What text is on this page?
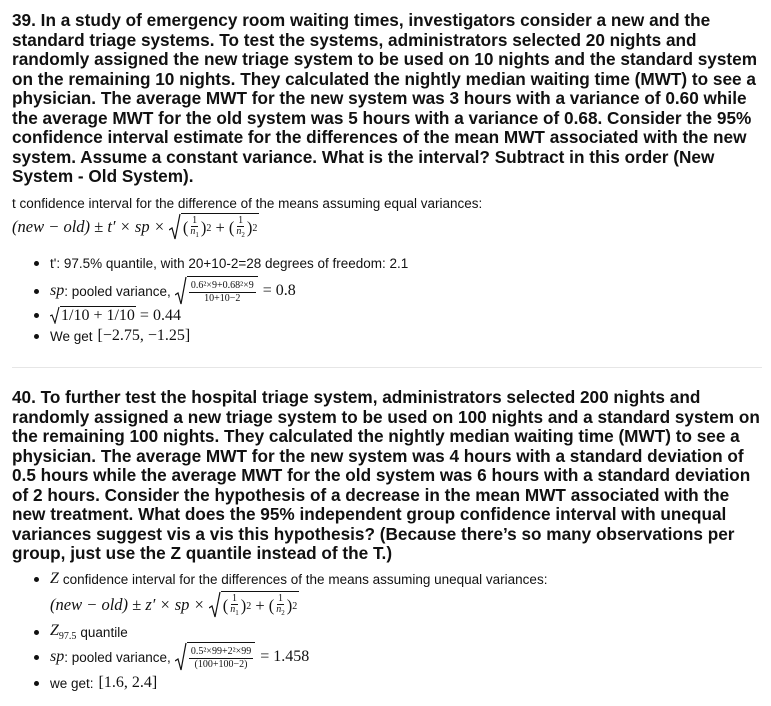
39. In a study of emergency room waiting times, investigators consider a new and the standard triage systems. To test the systems, administrators selected 20 nights and randomly assigned the new triage system to be used on 10 nights and the standard system on the remaining 10 nights. They calculated the nightly median waiting time (MWT) to see a physician. The average MWT for the new system was 3 hours with a variance of 0.60 while the average MWT for the old system was 5 hours with a variance of 0.68. Consider the 95% confidence interval estimate for the differences of the mean MWT associated with the new system. Assume a constant variance. What is the interval? Subtract in this order (New System - Old System).
t confidence interval for the difference of the means assuming equal variances:
(new − old) ± t′ × sp × ( $\frac{1}{n_1}$ ) 2 + ( $\frac{1}{n_2}$ ) 2
t': 97.5% quantile, with 20+10-2=28 degrees of freedom: 2.1
sp : pooled variance, $\frac{\text{0.6²×9+0.68²×9}}{10+10-2} = 0.8$
1/10 + 1/10 = 0.44
We get [−2.75, −1.25]
40. To further test the hospital triage system, administrators selected 200 nights and randomly assigned a new triage system to be used on 100 nights and a standard system on the remaining 100 nights. They calculated the nightly median waiting time (MWT) to see a physician. The average MWT for the new system was 4 hours with a standard deviation of 0.5 hours while the average MWT for the old system was 6 hours with a standard deviation of 2 hours. Consider the hypothesis of a decrease in the mean MWT associated with the new treatment. What does the 95% independent group confidence interval with unequal variances suggest vis a vis this hypothesis? (Because there’s so many observations per group, just use the Z quantile instead of the T.)
Z confidence interval for the differences of the means assuming unequal variances:
(new − old) ± z′ × sp × ( $\frac{1}{n_1}$ ) 2 + ( $\frac{1}{n_2}$ ) 2
$Z_{97.5}$ quantile
sp : pooled variance, $\frac{\text{0.5²×99+2²×99}}{(100+100-2)} = 1.458$
we get: [1.6, 2.4]
